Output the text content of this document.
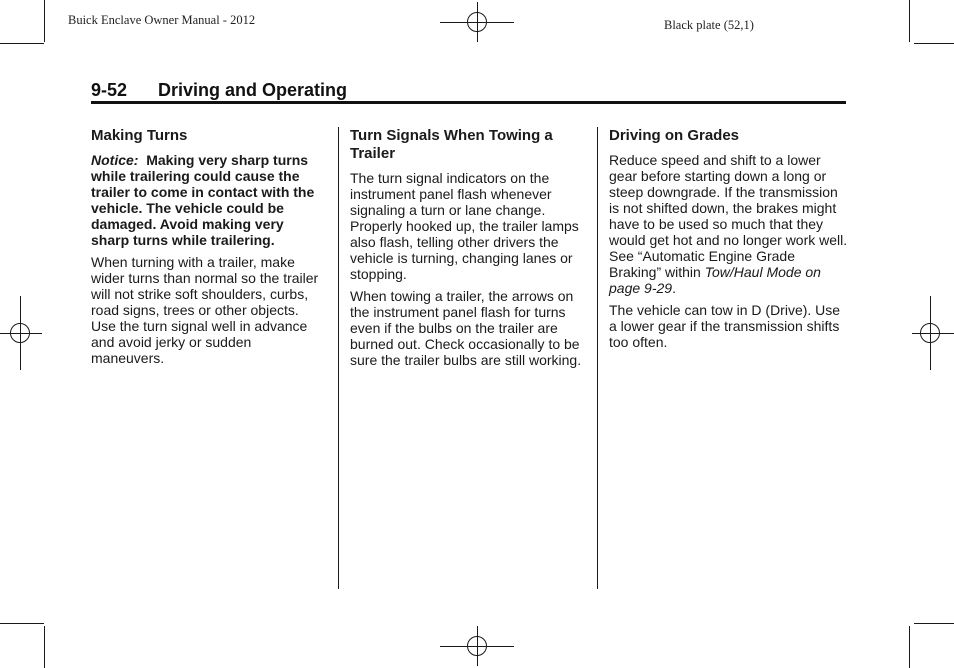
Buick Enclave Owner Manual - 2012	Black plate (52,1)
9-52 Driving and Operating
Making Turns

Notice: Making very sharp turns while trailering could cause the trailer to come in contact with the vehicle. The vehicle could be damaged. Avoid making very sharp turns while trailering.

When turning with a trailer, make wider turns than normal so the trailer will not strike soft shoulders, curbs, road signs, trees or other objects. Use the turn signal well in advance and avoid jerky or sudden maneuvers.

Turn Signals When Towing a Trailer

The turn signal indicators on the instrument panel flash whenever signaling a turn or lane change. Properly hooked up, the trailer lamps also flash, telling other drivers the vehicle is turning, changing lanes or stopping.

When towing a trailer, the arrows on the instrument panel flash for turns even if the bulbs on the trailer are burned out. Check occasionally to be sure the trailer bulbs are still working.

Driving on Grades

Reduce speed and shift to a lower gear before starting down a long or steep downgrade. If the transmission is not shifted down, the brakes might have to be used so much that they would get hot and no longer work well. See “Automatic Engine Grade Braking” within Tow/Haul Mode on page 9-29.

The vehicle can tow in D (Drive). Use a lower gear if the transmission shifts too often.
